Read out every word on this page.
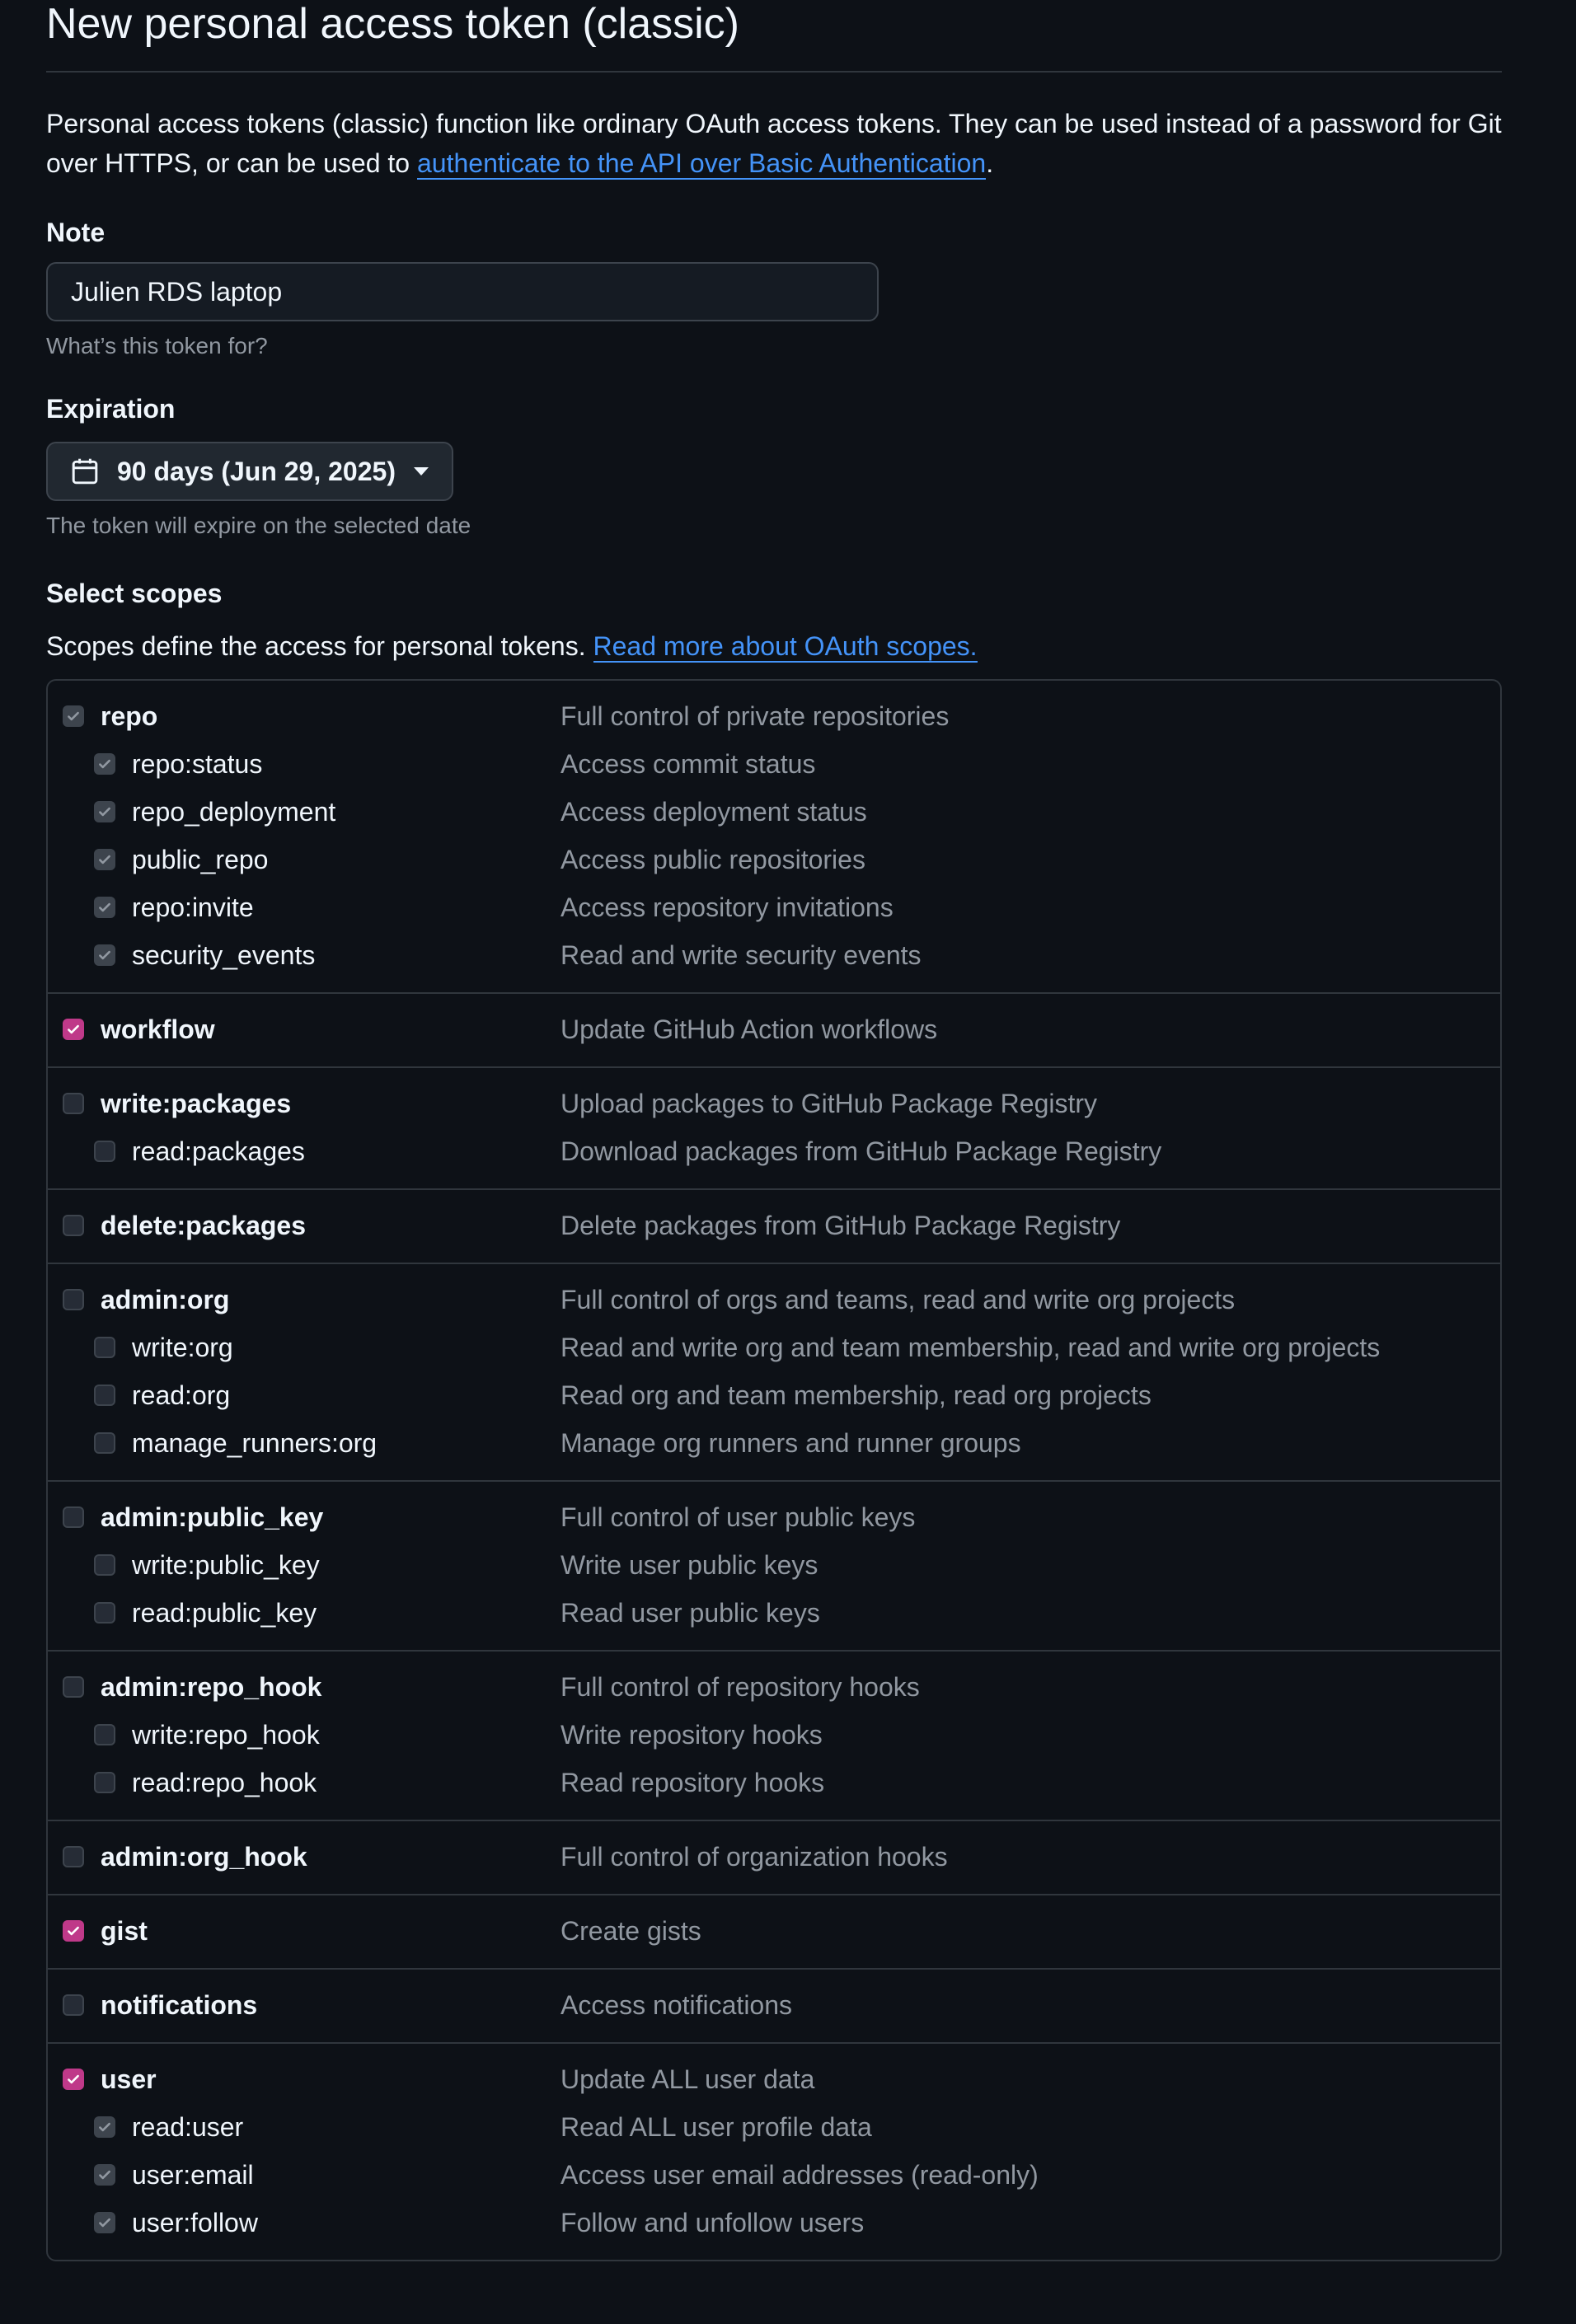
New personal access token (classic)
Personal access tokens (classic) function like ordinary OAuth access tokens. They can be used instead of a password for Git over HTTPS, or can be used to authenticate to the API over Basic Authentication.
Note
Julien RDS laptop
What’s this token for?
Expiration
90 days (Jun 29, 2025)
The token will expire on the selected date
Select scopes
Scopes define the access for personal tokens. Read more about OAuth scopes.
repo	Full control of private repositories
repo:status	Access commit status
repo_deployment	Access deployment status
public_repo	Access public repositories
repo:invite	Access repository invitations
security_events	Read and write security events
workflow	Update GitHub Action workflows
write:packages	Upload packages to GitHub Package Registry
read:packages	Download packages from GitHub Package Registry
delete:packages	Delete packages from GitHub Package Registry
admin:org	Full control of orgs and teams, read and write org projects
write:org	Read and write org and team membership, read and write org projects
read:org	Read org and team membership, read org projects
manage_runners:org	Manage org runners and runner groups
admin:public_key	Full control of user public keys
write:public_key	Write user public keys
read:public_key	Read user public keys
admin:repo_hook	Full control of repository hooks
write:repo_hook	Write repository hooks
read:repo_hook	Read repository hooks
admin:org_hook	Full control of organization hooks
gist	Create gists
notifications	Access notifications
user	Update ALL user data
read:user	Read ALL user profile data
user:email	Access user email addresses (read-only)
user:follow	Follow and unfollow users
